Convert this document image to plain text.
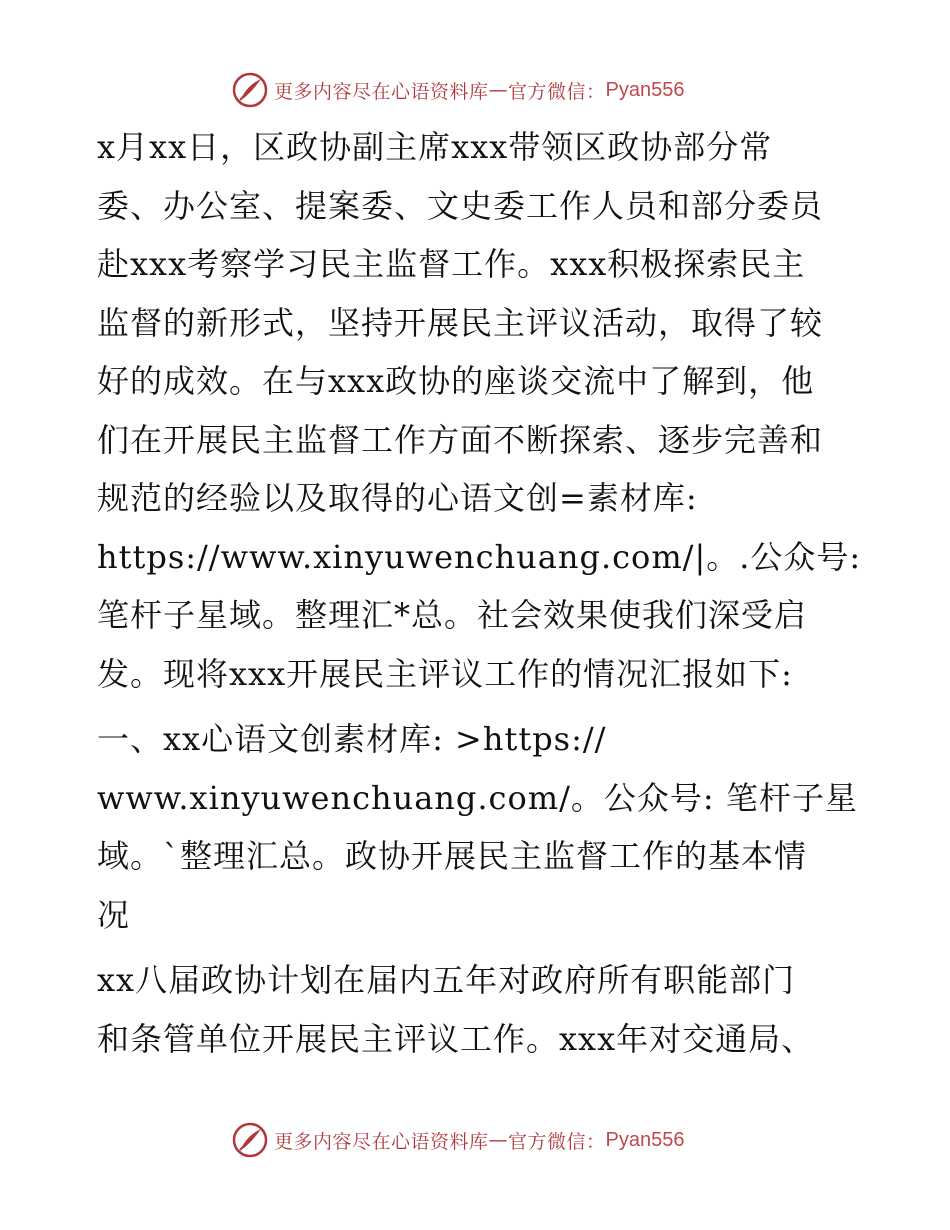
更多内容尽在心语资料库 — 官方微信： Pyan556

x月xx日，区政协副主席xxx带领区政协部分常
委、办公室、提案委、文史委工作人员和部分委员
赴xxx考察学习民主监督工作。xxx积极探索民主
监督的新形式，坚持开展民主评议活动，取得了较
好的成效。在与xxx政协的座谈交流中了解到，他
们在开展民主监督工作方面不断探索、逐步完善和
规范的经验以及取得的心语文创=素材库:
https://www.xinyuwenchuang.com/|。.公众号:
笔杆子星域。整理汇*总。社会效果使我们深受启
发。现将xxx开展民主评议工作的情况汇报如下:

一、xx心语文创素材库: >https://
www.xinyuwenchuang.com/。公众号: 笔杆子星
域。`整理汇总。政协开展民主监督工作的基本情
况

xx八届政协计划在届内五年对政府所有职能部门
和条管单位开展民主评议工作。xxx年对交通局、

更多内容尽在心语资料库 — 官方微信： Pyan556
